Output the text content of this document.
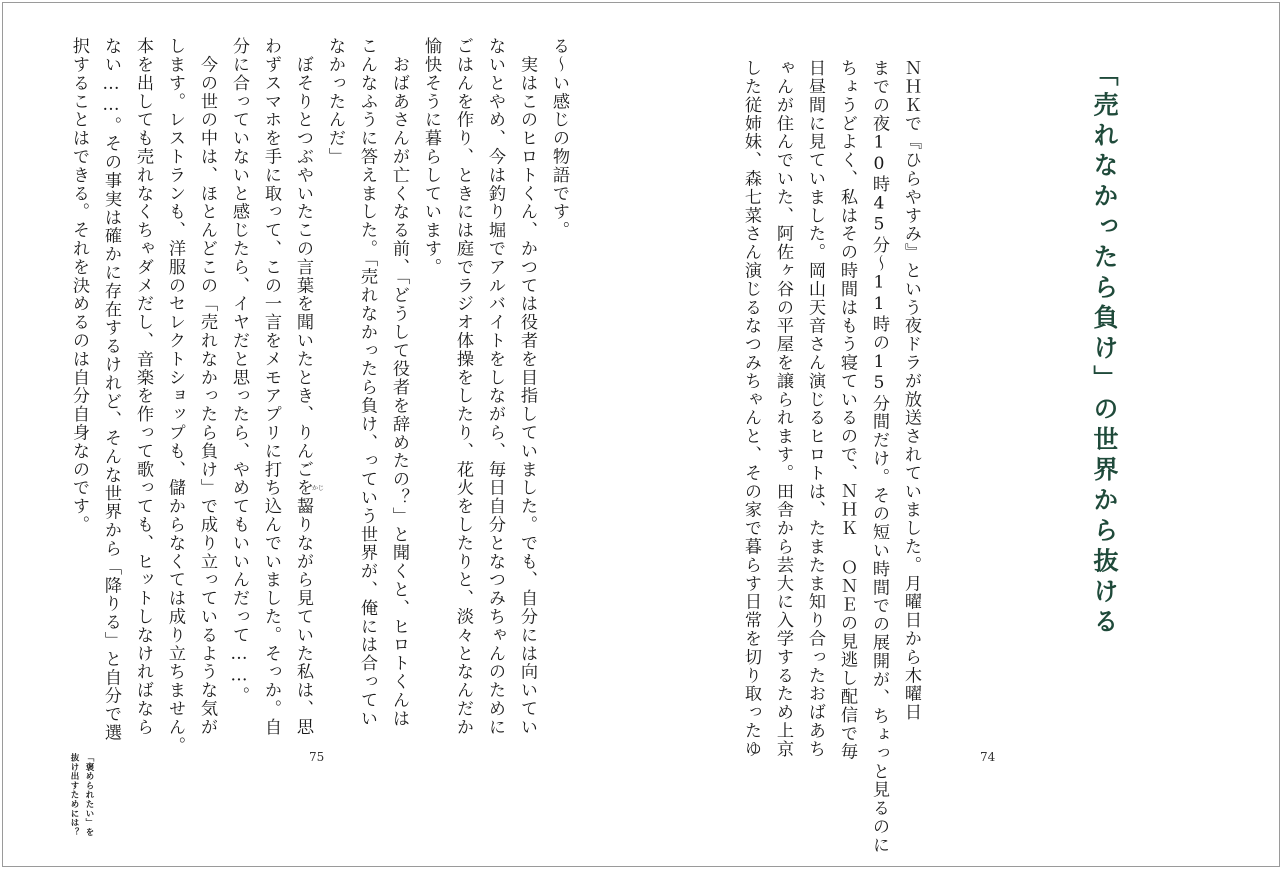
「売れなかったら負け」の世界から抜ける
ＮＨＫで『ひらやすみ』という夜ドラが放送されていました。月曜日から木曜日
までの夜10時45分～11時の15分間だけ。その短い時間での展開が、ちょっと見るのに
ちょうどよく、私はその時間はもう寝ているので、ＮＨＫ ＯＮＥの見逃し配信で毎
日昼間に見ていました。岡山天音さん演じるヒロトは、たまたま知り合ったおばあち
ゃんが住んでいた、阿佐ヶ谷の平屋を譲られます。田舎から芸大に入学するため上京
した従姉妹、森七菜さん演じるなつみちゃんと、その家で暮らす日常を切り取ったゆ	74
る～い感じの物語です。
　実はこのヒロトくん、かつては役者を目指していました。でも、自分には向いてい
ないとやめ、今は釣り堀でアルバイトをしながら、毎日自分となつみちゃんのために
ごはんを作り、ときには庭でラジオ体操をしたり、花火をしたりと、淡々となんだか
愉快そうに暮らしています。
　おばあさんが亡くなる前、「どうして役者を辞めたの？」と聞くと、ヒロトくんは
こんなふうに答えました。「売れなかったら負け、っていう世界が、俺には合ってい
なかったんだ」
　ぼそりとつぶやいたこの言葉を聞いたとき、りんごを齧りながら見ていた私は、思
わずスマホを手に取って、この一言をメモアプリに打ち込んでいました。そっか。自
分に合っていないと感じたら、イヤだと思ったら、やめてもいいんだって……。
　今の世の中は、ほとんどこの「売れなかったら負け」で成り立っているような気が
します。レストランも、洋服のセレクトショップも、儲からなくては成り立ちません。
本を出しても売れなくちゃダメだし、音楽を作って歌っても、ヒットしなければなら
ない……。その事実は確かに存在するけれど、そんな世界から「降りる」と自分で選
択することはできる。それを決めるのは自分自身なのです。	かじ
75
「褒められたい」を
抜け出すためには？
